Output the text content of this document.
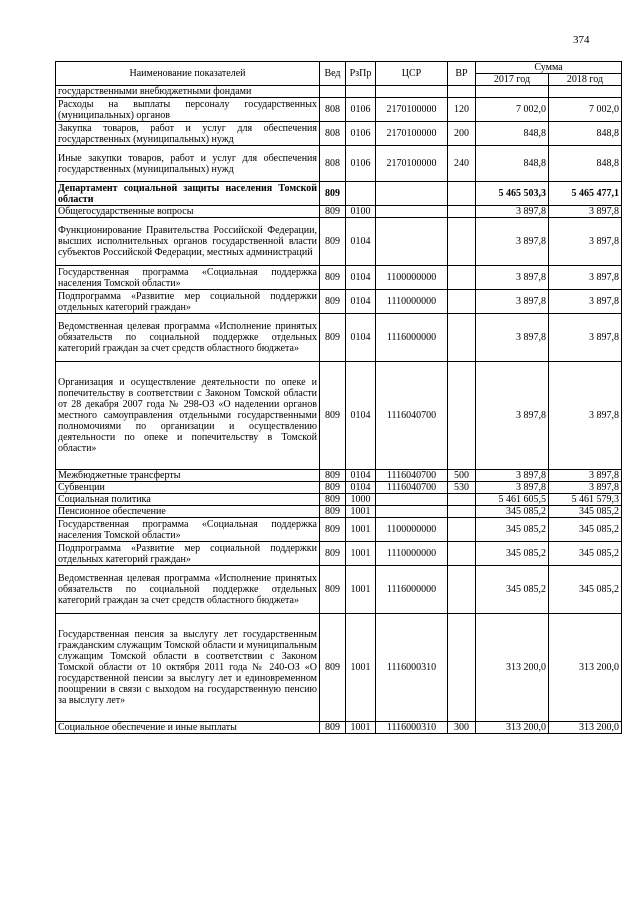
374
Наименование показателей	Вед	РзПр	ЦСР	ВР	Сумма	
					2017 год	2018 год
государственными внебюджетными фондами						
Расходы на выплаты персоналу государственных (муниципальных) органов	808	0106	2170100000	120	7 002,0	7 002,0
Закупка товаров, работ и услуг для обеспечения государственных (муниципальных) нужд	808	0106	2170100000	200	848,8	848,8
Иные закупки товаров, работ и услуг для обеспечения государственных (муниципальных) нужд	808	0106	2170100000	240	848,8	848,8
Департамент социальной защиты населения Томской области	809				5 465 503,3	5 465 477,1
Общегосударственные вопросы	809	0100			3 897,8	3 897,8
Функционирование Правительства Российской Федерации, высших исполнительных органов государственной власти субъектов Российской Федерации, местных администраций	809	0104			3 897,8	3 897,8
Государственная программа «Социальная поддержка населения Томской области»	809	0104	1100000000		3 897,8	3 897,8
Подпрограмма «Развитие мер социальной поддержки отдельных категорий граждан»	809	0104	1110000000		3 897,8	3 897,8
Ведомственная целевая программа «Исполнение принятых обязательств по социальной поддержке отдельных категорий граждан за счет средств областного бюджета»	809	0104	1116000000		3 897,8	3 897,8
Организация и осуществление деятельности по опеке и попечительству в соответствии с Законом Томской области от 28 декабря 2007 года № 298-ОЗ «О наделении органов местного самоуправления отдельными государственными полномочиями по организации и осуществлению деятельности по опеке и попечительству в Томской области»	809	0104	1116040700		3 897,8	3 897,8
Межбюджетные трансферты	809	0104	1116040700	500	3 897,8	3 897,8
Субвенции	809	0104	1116040700	530	3 897,8	3 897,8
Социальная политика	809	1000			5 461 605,5	5 461 579,3
Пенсионное обеспечение	809	1001			345 085,2	345 085,2
Государственная программа «Социальная поддержка населения Томской области»	809	1001	1100000000		345 085,2	345 085,2
Подпрограмма «Развитие мер социальной поддержки отдельных категорий граждан»	809	1001	1110000000		345 085,2	345 085,2
Ведомственная целевая программа «Исполнение принятых обязательств по социальной поддержке отдельных категорий граждан за счет средств областного бюджета»	809	1001	1116000000		345 085,2	345 085,2
Государственная пенсия за выслугу лет государственным гражданским служащим Томской области и муниципальным служащим Томской области в соответствии с Законом Томской области от 10 октября 2011 года № 240-ОЗ «О государственной пенсии за выслугу лет и единовременном поощрении в связи с выходом на государственную пенсию за выслугу лет»	809	1001	1116000310		313 200,0	313 200,0
Социальное обеспечение и иные выплаты	809	1001	1116000310	300	313 200,0	313 200,0
